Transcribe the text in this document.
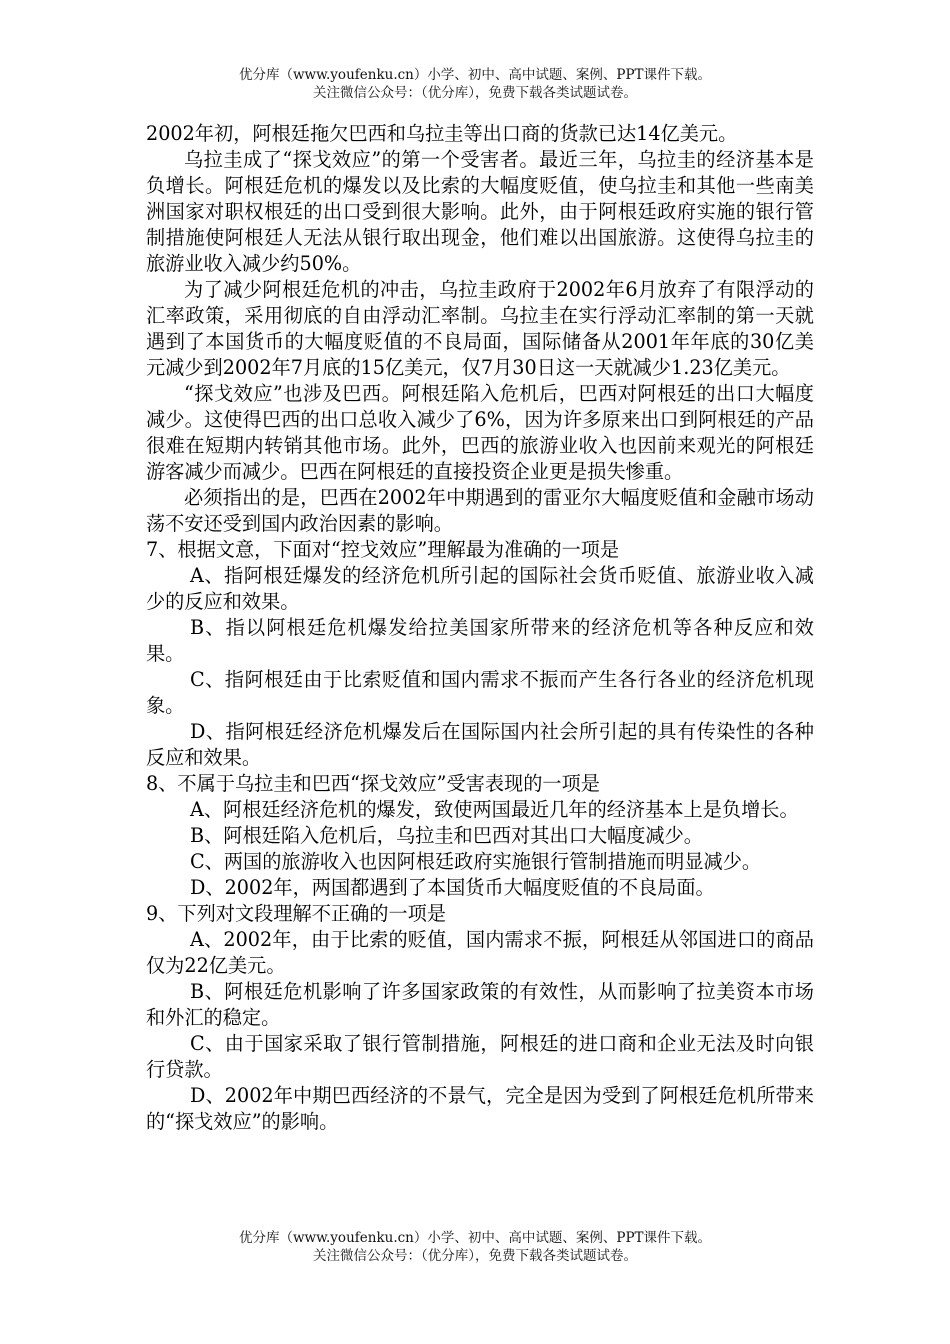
优分库（www.youfenku.cn）小学、初中、高中试题、案例、PPT课件下载。
关注微信公众号：（优分库），免费下载各类试题试卷。

2002年初，阿根廷拖欠巴西和乌拉圭等出口商的货款已达14亿美元。

乌拉圭成了“探戈效应”的第一个受害者。最近三年，乌拉圭的经济基本是负增长。阿根廷危机的爆发以及比索的大幅度贬值，使乌拉圭和其他一些南美洲国家对职权根廷的出口受到很大影响。此外，由于阿根廷政府实施的银行管制措施使阿根廷人无法从银行取出现金，他们难以出国旅游。这使得乌拉圭的旅游业收入减少约50%。

为了减少阿根廷危机的冲击，乌拉圭政府于2002年6月放弃了有限浮动的汇率政策，采用彻底的自由浮动汇率制。乌拉圭在实行浮动汇率制的第一天就遇到了本国货币的大幅度贬值的不良局面，国际储备从2001年年底的30亿美元减少到2002年7月底的15亿美元，仅7月30日这一天就减少1.23亿美元。

“探戈效应”也涉及巴西。阿根廷陷入危机后，巴西对阿根廷的出口大幅度减少。这使得巴西的出口总收入减少了6%，因为许多原来出口到阿根廷的产品很难在短期内转销其他市场。此外，巴西的旅游业收入也因前来观光的阿根廷游客减少而减少。巴西在阿根廷的直接投资企业更是损失惨重。

必须指出的是，巴西在2002年中期遇到的雷亚尔大幅度贬值和金融市场动荡不安还受到国内政治因素的影响。

7、根据文意，下面对“控戈效应”理解最为准确的一项是

A、指阿根廷爆发的经济危机所引起的国际社会货币贬值、旅游业收入减少的反应和效果。

B、指以阿根廷危机爆发给拉美国家所带来的经济危机等各种反应和效果。

C、指阿根廷由于比索贬值和国内需求不振而产生各行各业的经济危机现象。

D、指阿根廷经济危机爆发后在国际国内社会所引起的具有传染性的各种反应和效果。

8、不属于乌拉圭和巴西“探戈效应”受害表现的一项是

A、阿根廷经济危机的爆发，致使两国最近几年的经济基本上是负增长。

B、阿根廷陷入危机后，乌拉圭和巴西对其出口大幅度减少。

C、两国的旅游收入也因阿根廷政府实施银行管制措施而明显减少。

D、2002年，两国都遇到了本国货币大幅度贬值的不良局面。

9、下列对文段理解不正确的一项是

A、2002年，由于比索的贬值，国内需求不振，阿根廷从邻国进口的商品仅为22亿美元。

B、阿根廷危机影响了许多国家政策的有效性，从而影响了拉美资本市场和外汇的稳定。

C、由于国家采取了银行管制措施，阿根廷的进口商和企业无法及时向银行贷款。

D、2002年中期巴西经济的不景气，完全是因为受到了阿根廷危机所带来的“探戈效应”的影响。

优分库（www.youfenku.cn）小学、初中、高中试题、案例、PPT课件下载。
关注微信公众号：（优分库），免费下载各类试题试卷。
